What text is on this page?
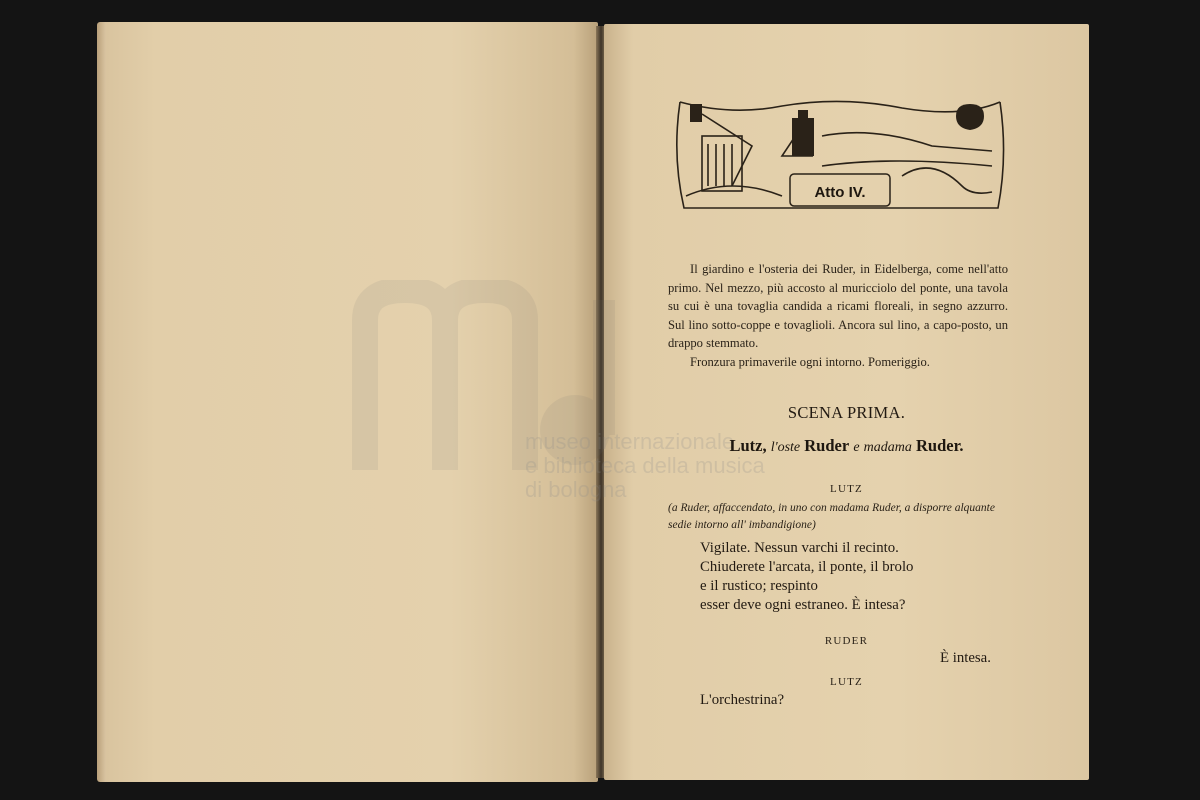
museo internazionale
e biblioteca della musica
di bologna
Atto IV.

Il giardino e l'osteria dei Ruder, in Eidelberga, come nell'atto primo. Nel mezzo, più accosto al muricciolo del ponte, una tavola su cui è una tovaglia candida a ricami floreali, in segno azzurro. Sul lino sotto-coppe e tovaglioli. Ancora sul lino, a capo-posto, un drappo stemmato.

Fronzura primaverile ogni intorno. Pomeriggio.

SCENA PRIMA.
Lutz, l'oste Ruder e madama Ruder.
LUTZ
(a Ruder, affaccendato, in uno con madama Ruder, a disporre alquante sedie intorno all' imbandigione)
Vigilate. Nessun varchi il recinto.
Chiuderete l'arcata, il ponte, il brolo
e il rustico; respinto
esser deve ogni estraneo. È intesa?
RUDER
È intesa.
LUTZ
L'orchestrina?
